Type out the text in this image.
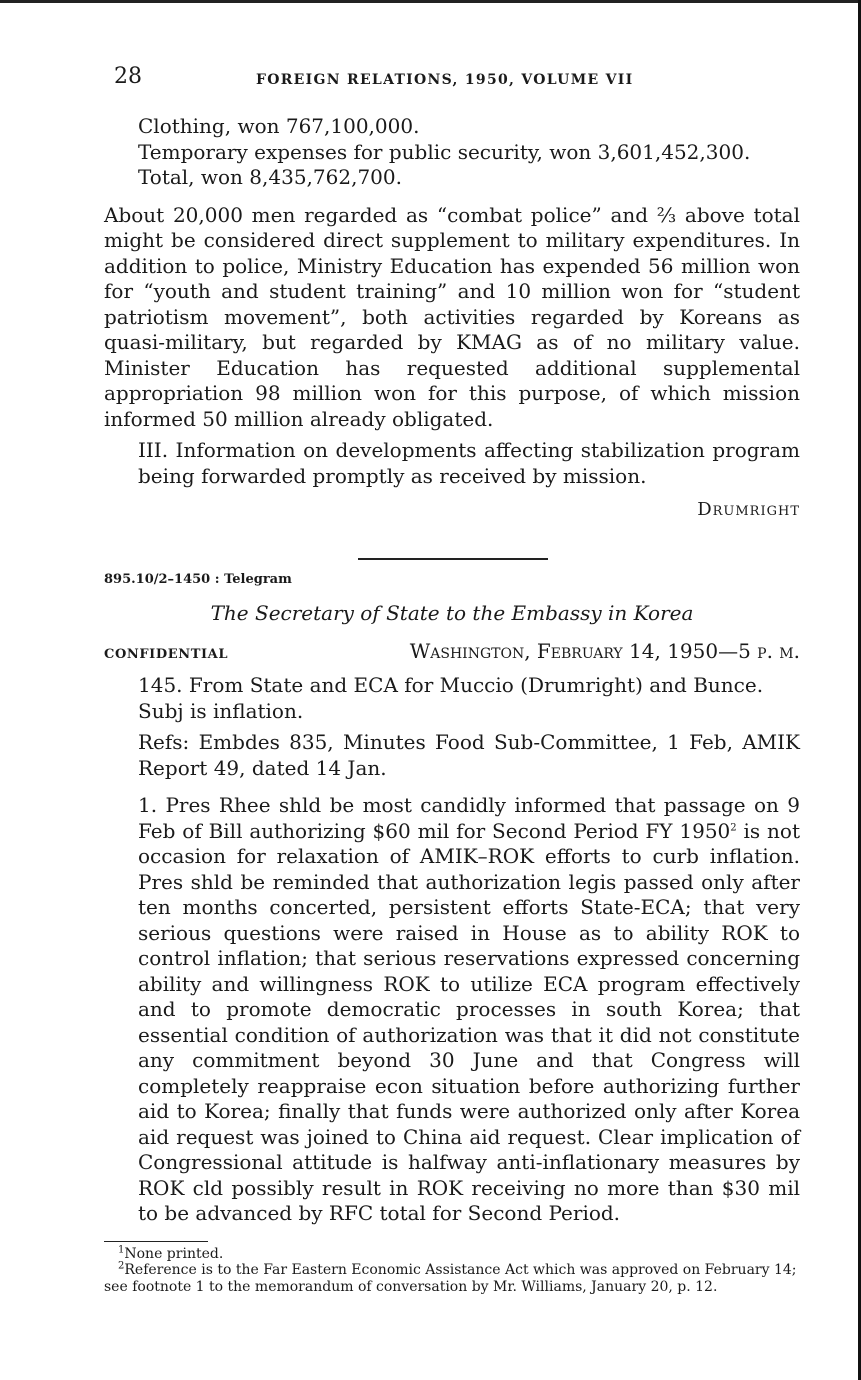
28	FOREIGN RELATIONS, 1950, VOLUME VII

Clothing, won 767,100,000.

Temporary expenses for public security, won 3,601,452,300.

Total, won 8,435,762,700.

About 20,000 men regarded as “combat police” and ⅔ above total might be considered direct supplement to military expenditures. In addition to police, Ministry Education has expended 56 million won for “youth and student training” and 10 million won for “student patriotism movement”, both activities regarded by Koreans as quasi-military, but regarded by KMAG as of no military value. Minister Education has requested additional supplemental appropriation 98 million won for this purpose, of which mission informed 50 million already obligated.

III. Information on developments affecting stabilization program being forwarded promptly as received by mission.

Drumright
895.10/2–1450 : Telegram
The Secretary of State to the Embassy in Korea
CONFIDENTIAL	Washington, February 14, 1950—5 p. m.

145. From State and ECA for Muccio (Drumright) and Bunce. Subj is inflation.

Refs: Embdes 835, Minutes Food Sub-Committee, 1 Feb, AMIK Report 49, dated 14 Jan.

1. Pres Rhee shld be most candidly informed that passage on 9 Feb of Bill authorizing $60 mil for Second Period FY 1950$^2$ is not occasion for relaxation of AMIK–ROK efforts to curb inflation. Pres shld be reminded that authorization legis passed only after ten months concerted, persistent efforts State-ECA; that very serious questions were raised in House as to ability ROK to control inflation; that serious reservations expressed concerning ability and willingness ROK to utilize ECA program effectively and to promote democratic processes in south Korea; that essential condition of authorization was that it did not constitute any commitment beyond 30 June and that Congress will completely reappraise econ situation before authorizing further aid to Korea; finally that funds were authorized only after Korea aid request was joined to China aid request. Clear implication of Congressional attitude is halfway anti-inflationary measures by ROK cld possibly result in ROK receiving no more than $30 mil to be advanced by RFC total for Second Period.

$^1$None printed.

$^2$Reference is to the Far Eastern Economic Assistance Act which was approved on February 14; see footnote 1 to the memorandum of conversation by Mr. Williams, January 20, p. 12.
